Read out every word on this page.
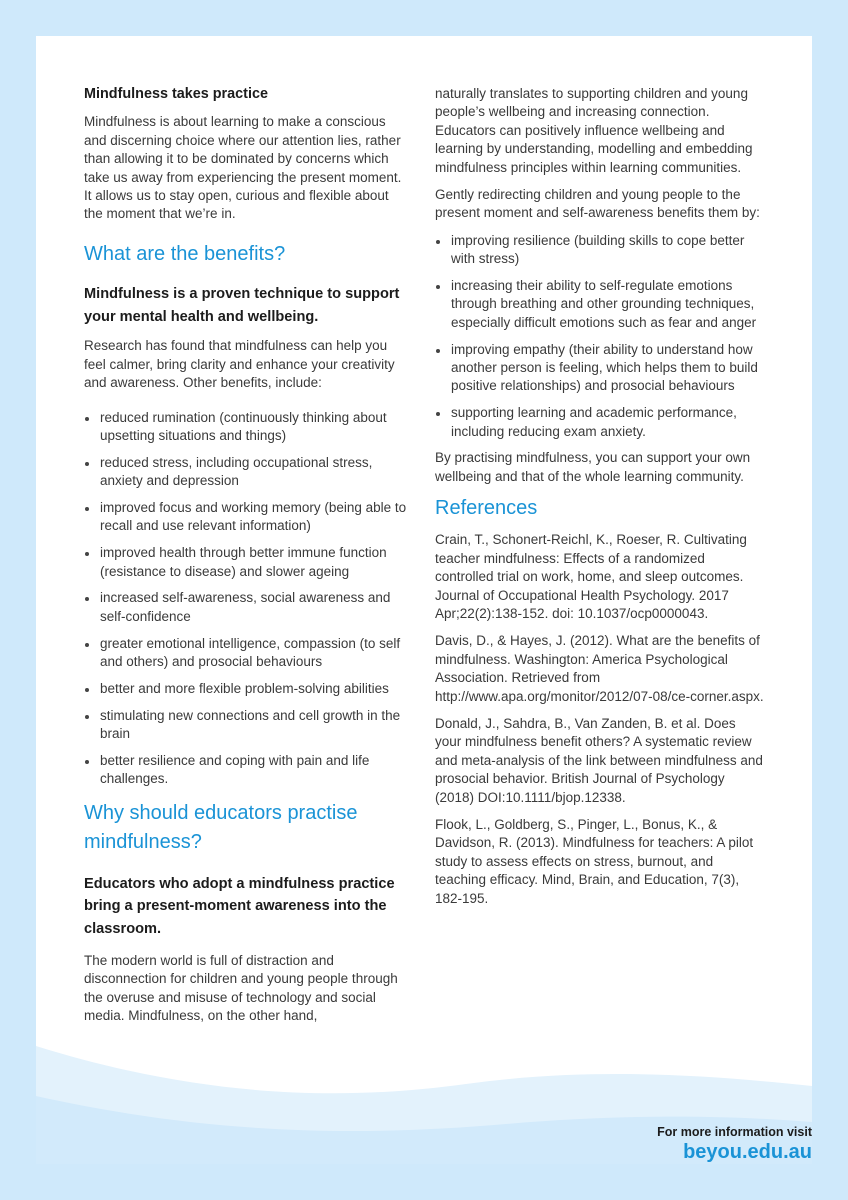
Mindfulness takes practice

Mindfulness is about learning to make a conscious and discerning choice where our attention lies, rather than allowing it to be dominated by concerns which take us away from experiencing the present moment. It allows us to stay open, curious and flexible about the moment that we’re in.

What are the benefits?
Mindfulness is a proven technique to support your mental health and wellbeing.

Research has found that mindfulness can help you feel calmer, bring clarity and enhance your creativity and awareness. Other benefits, include:

reduced rumination (continuously thinking about upsetting situations and things)
reduced stress, including occupational stress, anxiety and depression
improved focus and working memory (being able to recall and use relevant information)
improved health through better immune function (resistance to disease) and slower ageing
increased self-awareness, social awareness and self-confidence
greater emotional intelligence, compassion (to self and others) and prosocial behaviours
better and more flexible problem-solving abilities
stimulating new connections and cell growth in the brain
better resilience and coping with pain and life challenges.
Why should educators practise mindfulness?
Educators who adopt a mindfulness practice bring a present-moment awareness into the classroom.

The modern world is full of distraction and disconnection for children and young people through the overuse and misuse of technology and social media. Mindfulness, on the other hand,

naturally translates to supporting children and young people’s wellbeing and increasing connection. Educators can positively influence wellbeing and learning by understanding, modelling and embedding mindfulness principles within learning communities.

Gently redirecting children and young people to the present moment and self-awareness benefits them by:

improving resilience (building skills to cope better with stress)
increasing their ability to self-regulate emotions through breathing and other grounding techniques, especially difficult emotions such as fear and anger
improving empathy (their ability to understand how another person is feeling, which helps them to build positive relationships) and prosocial behaviours
supporting learning and academic performance, including reducing exam anxiety.

By practising mindfulness, you can support your own wellbeing and that of the whole learning community.

References

Crain, T., Schonert-Reichl, K., Roeser, R. Cultivating teacher mindfulness: Effects of a randomized controlled trial on work, home, and sleep outcomes. Journal of Occupational Health Psychology. 2017 Apr;22(2):138-152. doi: 10.1037/ocp0000043.

Davis, D., & Hayes, J. (2012). What are the benefits of mindfulness. Washington: America Psychological Association. Retrieved from http://www.apa.org/monitor/2012/07-08/ce-corner.aspx.

Donald, J., Sahdra, B., Van Zanden, B. et al. Does your mindfulness benefit others? A systematic review and meta-analysis of the link between mindfulness and prosocial behavior. British Journal of Psychology (2018) DOI:10.1111/bjop.12338.

Flook, L., Goldberg, S., Pinger, L., Bonus, K., & Davidson, R. (2013). Mindfulness for teachers: A pilot study to assess effects on stress, burnout, and teaching efficacy. Mind, Brain, and Education, 7(3), 182-195.

For more information visit
beyou.edu.au
